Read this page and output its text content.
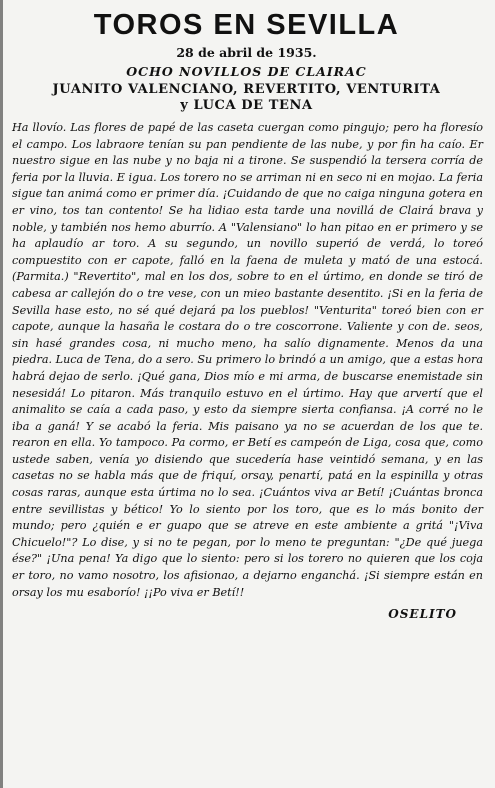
TOROS EN SEVILLA
28 de abril de 1935.
OCHO NOVILLOS DE CLAIRAC
JUANITO VALENCIANO, REVERTITO, VENTURITA
y LUCA DE TENA

Ha llovío. Las flores de papé de las caseta cuergan como pingujo; pero ha floresío el campo. Los labraore tenían su pan pendiente de las nube, y por fin ha caío. Er nuestro sigue en las nube y no baja ni a tirone. Se suspendió la tersera corría de feria por la lluvia. E igua. Los torero no se arriman ni en seco ni en mojao. La feria sigue tan animá como er primer día. ¡Cuidando de que no caiga ninguna gotera en er vino, tos tan contento! Se ha lidiao esta tarde una novillá de Clairá brava y noble, y también nos hemo aburrío. A "Valensiano" lo han pitao en er primero y se ha aplaudío ar toro. A su segundo, un novillo superió de verdá, lo toreó compuestito con er capote, falló en la faena de muleta y mató de una estocá. (Parmita.) "Revertito", mal en los dos, sobre to en el úrtimo, en donde se tiró de cabesa ar callejón do o tre vese, con un mieo bastante desentito. ¡Si en la feria de Sevilla hase esto, no sé qué dejará pa los pueblos! "Venturita" toreó bien con er capote, aunque la hasaña le costara do o tre coscorrone. Valiente y con de. seos, sin hasé grandes cosa, ni mucho meno, ha salío dignamente. Menos da una piedra. Luca de Tena, do a sero. Su primero lo brindó a un amigo, que a estas hora habrá dejao de serlo. ¡Qué gana, Dios mío e mi arma, de buscarse enemistade sin nesesidá! Lo pitaron. Más tranquilo estuvo en el úrtimo. Hay que arvertí que el animalito se caía a cada paso, y esto da siempre sierta confiansa. ¡A corré no le iba a ganá! Y se acabó la feria. Mis paisano ya no se acuerdan de los que te. rearon en ella. Yo tampoco. Pa cormo, er Betí es campeón de Liga, cosa que, como ustede saben, venía yo disiendo que sucedería hase veintidó semana, y en las casetas no se habla más que de friquí, orsay, penartí, patá en la espinilla y otras cosas raras, aunque esta úrtima no lo sea. ¡Cuántos viva ar Betí! ¡Cuántas bronca entre sevillistas y bético! Yo lo siento por los toro, que es lo más bonito der mundo; pero ¿quién e er guapo que se atreve en este ambiente a gritá "¡Viva Chicuelo!"? Lo dise, y si no te pegan, por lo meno te preguntan: "¿De qué juega ése?" ¡Una pena! Ya digo que lo siento: pero si los torero no quieren que los coja er toro, no vamo nosotro, los afisionao, a dejarno enganchá. ¡Si siempre están en orsay los mu esaborío! ¡¡Po viva er Betí!!

OSELITO
